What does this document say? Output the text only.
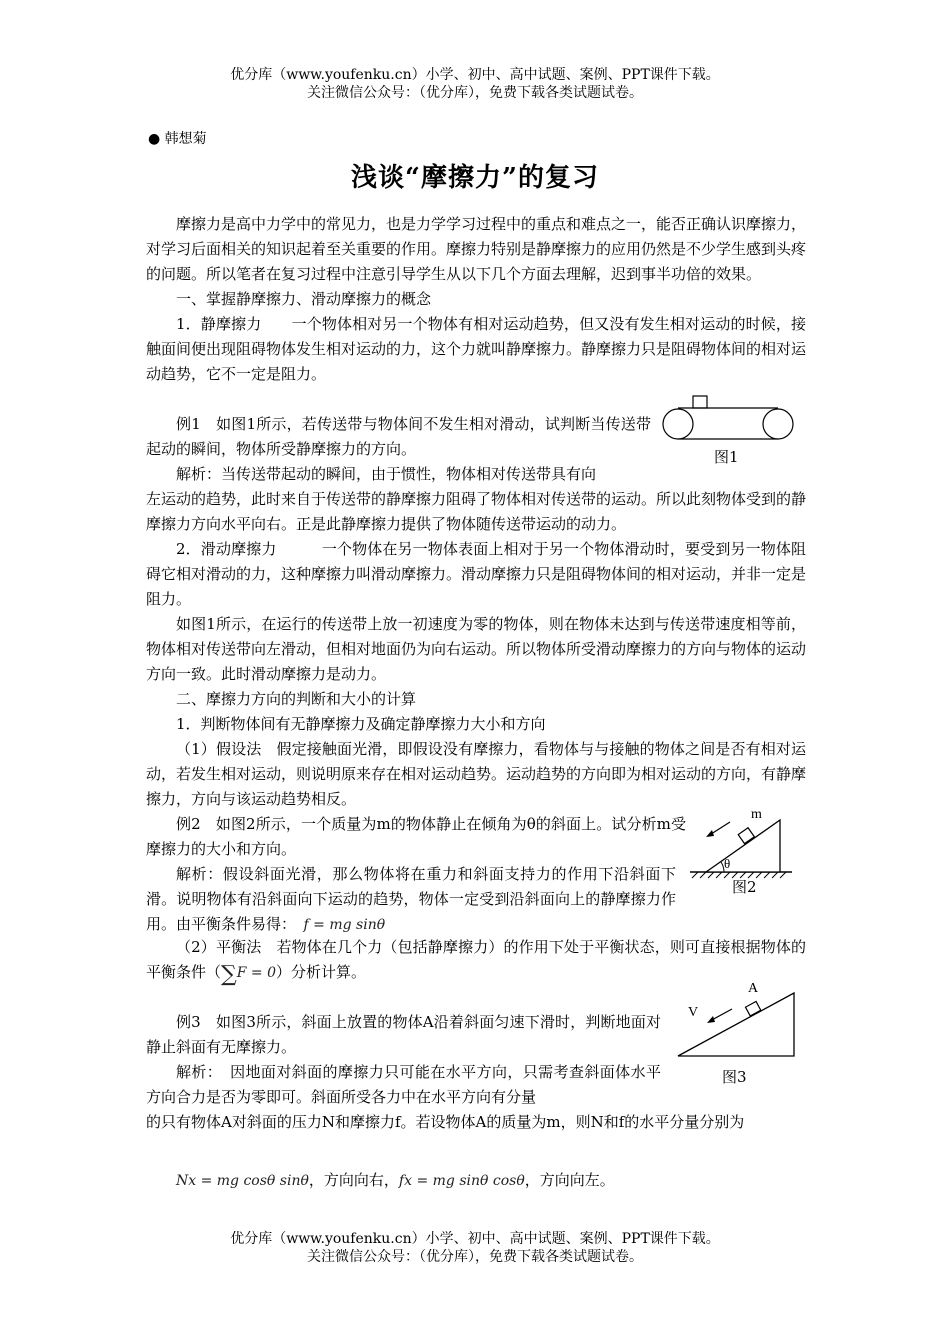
优分库（www.youfenku.cn）小学、初中、高中试题、案例、PPT课件下载。
关注微信公众号：（优分库），免费下载各类试题试卷。
● 韩想菊
浅谈“摩擦力”的复习

摩擦力是高中力学中的常见力，也是力学学习过程中的重点和难点之一，能否正确认识摩擦力，对学习后面相关的知识起着至关重要的作用。摩擦力特别是静摩擦力的应用仍然是不少学生感到头疼的问题。所以笔者在复习过程中注意引导学生从以下几个方面去理解，迟到事半功倍的效果。

一、掌握静摩擦力、滑动摩擦力的概念

1．静摩擦力　　一个物体相对另一个物体有相对运动趋势，但又没有发生相对运动的时候，接触面间便出现阻碍物体发生相对运动的力，这个力就叫静摩擦力。静摩擦力只是阻碍物体间的相对运动趋势，它不一定是阻力。

例1　如图1所示，若传送带与物体间不发生相对滑动，试判断当传送带起动的瞬间，物体所受静摩擦力的方向。

解析：当传送带起动的瞬间，由于惯性，物体相对传送带具有向

图1

左运动的趋势，此时来自于传送带的静摩擦力阻碍了物体相对传送带的运动。所以此刻物体受到的静摩擦力方向水平向右。正是此静摩擦力提供了物体随传送带运动的动力。

2．滑动摩擦力　　　一个物体在另一物体表面上相对于另一个物体滑动时，要受到另一物体阻碍它相对滑动的力，这种摩擦力叫滑动摩擦力。滑动摩擦力只是阻碍物体间的相对运动，并非一定是阻力。

如图1所示，在运行的传送带上放一初速度为零的物体，则在物体未达到与传送带速度相等前，物体相对传送带向左滑动，但相对地面仍为向右运动。所以物体所受滑动摩擦力的方向与物体的运动方向一致。此时滑动摩擦力是动力。

二、摩擦力方向的判断和大小的计算

1．判断物体间有无静摩擦力及确定静摩擦力大小和方向

（1）假设法　假定接触面光滑，即假设没有摩擦力，看物体与与接触的物体之间是否有相对运动，若发生相对运动，则说明原来存在相对运动趋势。运动趋势的方向即为相对运动的方向，有静摩擦力，方向与该运动趋势相反。

例2　如图2所示，一个质量为m的物体静止在倾角为θ的斜面上。试分析m受摩擦力的大小和方向。

解析：假设斜面光滑，那么物体将在重力和斜面支持力的作用下沿斜面下滑。说明物体有沿斜面向下运动的趋势，物体一定受到沿斜面向上的静摩擦力作用。由平衡条件易得：　 f = mg sinθ

m
θ
图2

（2）平衡法　若物体在几个力（包括静摩擦力）的作用下处于平衡状态，则可直接根据物体的平衡条件（∑F = 0）分析计算。

例3　如图3所示，斜面上放置的物体A沿着斜面匀速下滑时，判断地面对静止斜面有无摩擦力。

解析：　因地面对斜面的摩擦力只可能在水平方向，只需考查斜面体水平方向合力是否为零即可。斜面所受各力中在水平方向有分量

A
V
图3

的只有物体A对斜面的压力N和摩擦力f。若设物体A的质量为m，则N和f的水平分量分别为

Nx = mg cosθ sinθ，方向向右，fx = mg sinθ cosθ，方向向左。

优分库（www.youfenku.cn）小学、初中、高中试题、案例、PPT课件下载。
关注微信公众号：（优分库），免费下载各类试题试卷。
